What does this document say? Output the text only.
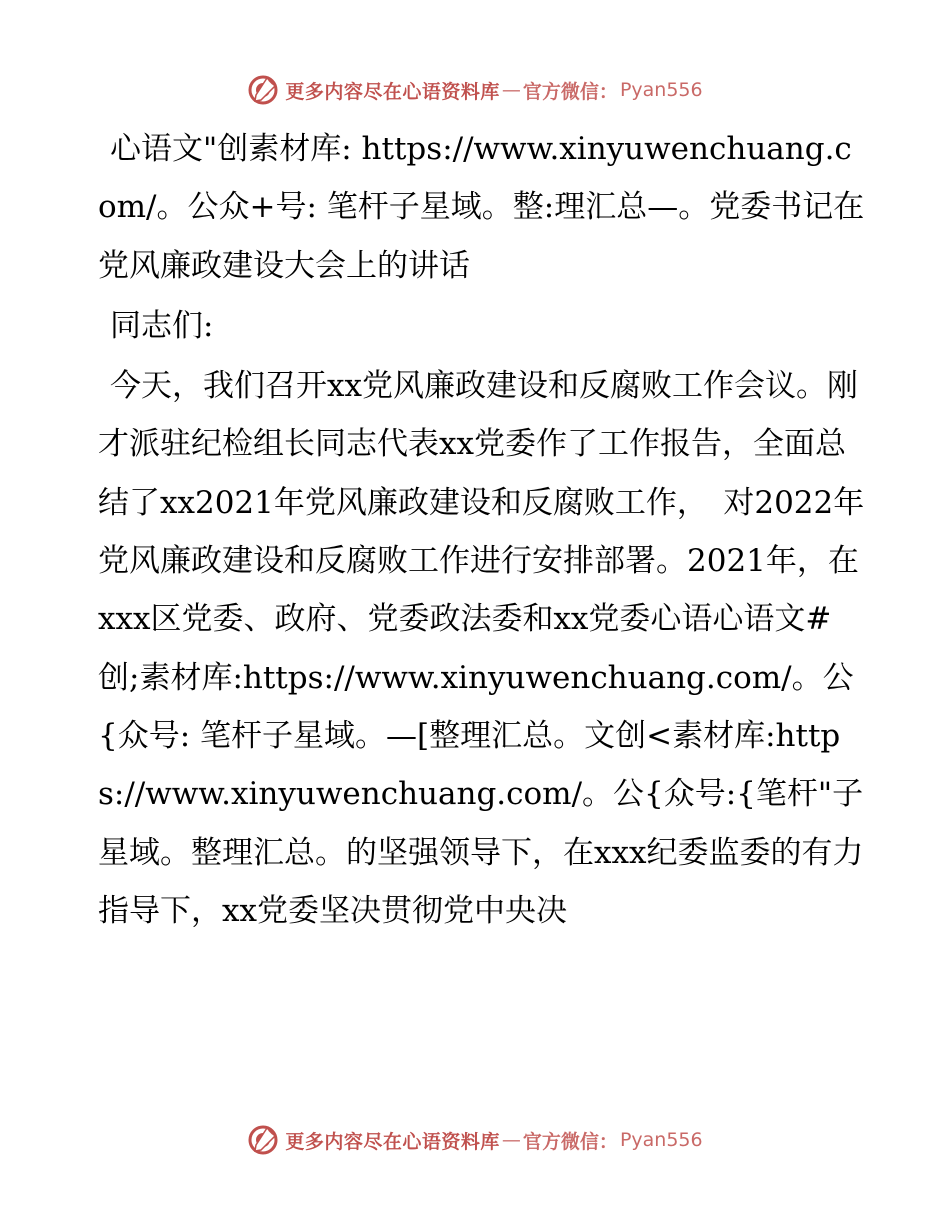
更多内容尽在心语资料库 — 官方微信： Pyan556

心语文"创素材库: https://www.xinyuwenchuang.com/。公众+号: 笔杆子星域。整:理汇总—。党委书记在党风廉政建设大会上的讲话

同志们:

今天，我们召开xx党风廉政建设和反腐败工作会议。刚才派驻纪检组长同志代表xx党委作了工作报告，全面总结了xx2021年党风廉政建设和反腐败工作，　对2022年党风廉政建设和反腐败工作进行安排部署。2021年，在xxx区党委、政府、党委政法委和xx党委心语心语文#创;素材库:https://www.xinyuwenchuang.com/。公{众号: 笔杆子星域。—[整理汇总。文创<素材库:https://www.xinyuwenchuang.com/。公{众号:{笔杆"子星域。整理汇总。的坚强领导下，在xxx纪委监委的有力指导下，xx党委坚决贯彻党中央决

更多内容尽在心语资料库 — 官方微信： Pyan556
